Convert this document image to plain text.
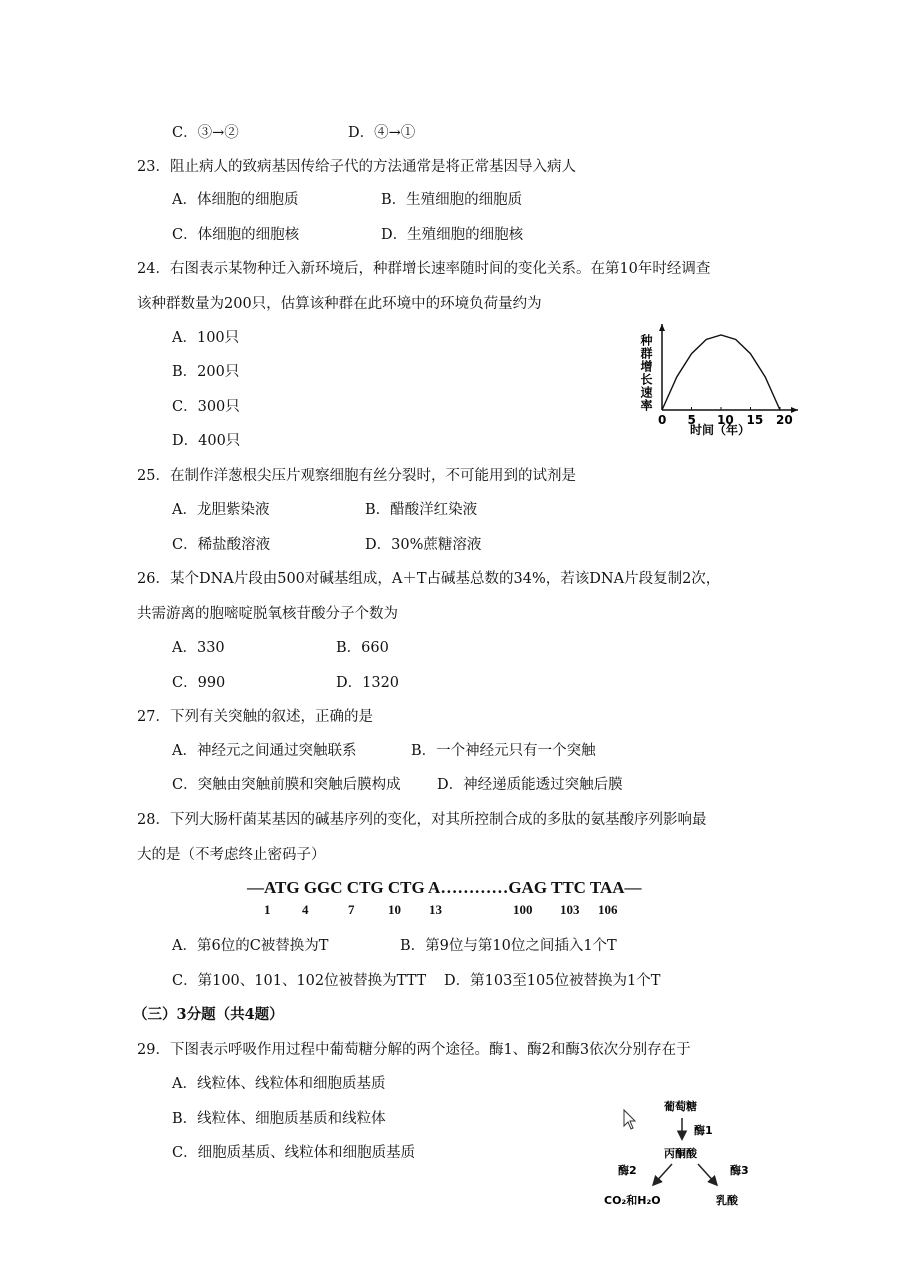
C．③→②	D．④→①
23．阻止病人的致病基因传给子代的方法通常是将正常基因导入病人
A．体细胞的细胞质	B．生殖细胞的细胞质
C．体细胞的细胞核	D．生殖细胞的细胞核
24．右图表示某物种迁入新环境后，种群增长速率随时间的变化关系。在第10年时经调查
该种群数量为200只，估算该种群在此环境中的环境负荷量约为
A．100只
B．200只
C．300只
D．400只
种群增长速率
0 5 10 15 20
时间（年）
25．在制作洋葱根尖压片观察细胞有丝分裂时，不可能用到的试剂是
A．龙胆紫染液	B．醋酸洋红染液
C．稀盐酸溶液	D．30%蔗糖溶液
26．某个DNA片段由500对碱基组成，A＋T占碱基总数的34%，若该DNA片段复制2次，
共需游离的胞嘧啶脱氧核苷酸分子个数为
A．330	B．660
C．990	D．1320
27．下列有关突触的叙述，正确的是
A．神经元之间通过突触联系	B．一个神经元只有一个突触
C．突触由突触前膜和突触后膜构成	D．神经递质能透过突触后膜
28．下列大肠杆菌某基因的碱基序列的变化，对其所控制合成的多肽的氨基酸序列影响最
大的是（不考虑终止密码子）
—ATG GGC CTG CTG A…………GAG TTC TAA—
1 4	7	10 13	100 103 106
A．第6位的C被替换为T	B．第9位与第10位之间插入1个T
C．第100、101、102位被替换为TTT D．第103至105位被替换为1个T
（三）3分题（共4题）
29．下图表示呼吸作用过程中葡萄糖分解的两个途径。酶1、酶2和酶3依次分别存在于
A．线粒体、线粒体和细胞质基质
B．线粒体、细胞质基质和线粒体
C．细胞质基质、线粒体和细胞质基质
葡萄糖
酶1
丙酮酸
酶2	酶3
CO₂和H₂O	乳酸
